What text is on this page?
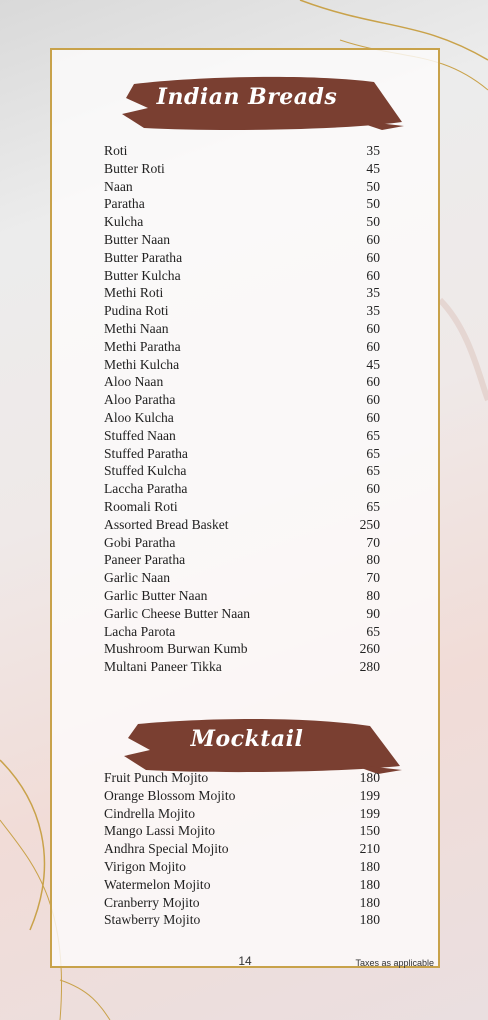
Indian Breads
Roti	35
Butter Roti	45
Naan	50
Paratha	50
Kulcha	50
Butter Naan	60
Butter Paratha	60
Butter Kulcha	60
Methi Roti	35
Pudina Roti	35
Methi Naan	60
Methi Paratha	60
Methi Kulcha	45
Aloo Naan	60
Aloo Paratha	60
Aloo Kulcha	60
Stuffed Naan	65
Stuffed Paratha	65
Stuffed Kulcha	65
Laccha Paratha	60
Roomali Roti	65
Assorted Bread Basket	250
Gobi Paratha	70
Paneer Paratha	80
Garlic Naan	70
Garlic Butter Naan	80
Garlic Cheese Butter Naan	90
Lacha Parota	65
Mushroom Burwan Kumb	260
Multani Paneer Tikka	280
Mocktail
Fruit Punch Mojito	180
Orange Blossom Mojito	199
Cindrella Mojito	199
Mango Lassi Mojito	150
Andhra Special Mojito	210
Virigon Mojito	180
Watermelon Mojito	180
Cranberry Mojito	180
Stawberry Mojito	180
14	Taxes as applicable
